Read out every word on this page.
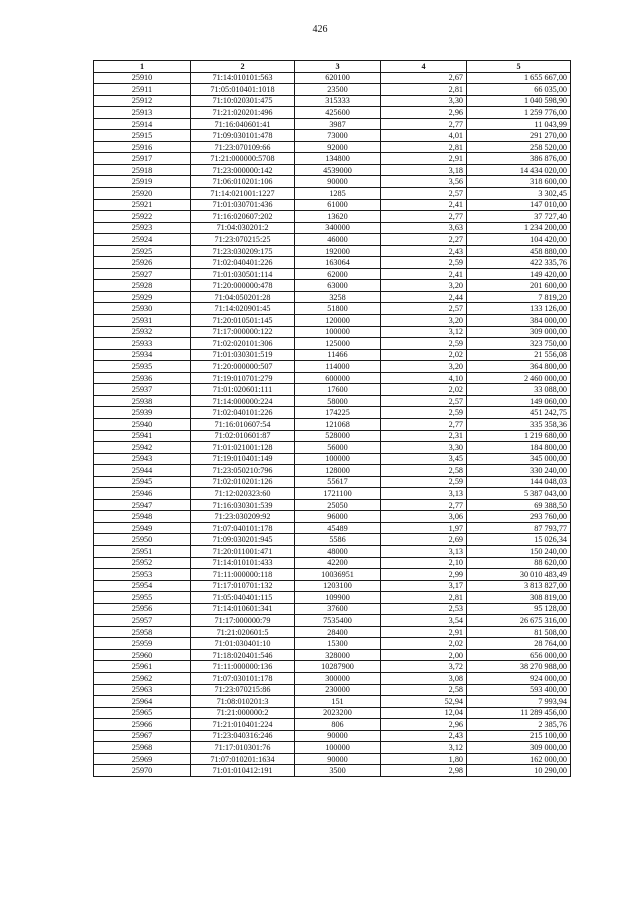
426
1	2	3	4	5
25910	71:14:010101:563	620100	2,67	1 655 667,00
25911	71:05:010401:1018	23500	2,81	66 035,00
25912	71:10:020301:475	315333	3,30	1 040 598,90
25913	71:21:020201:496	425600	2,96	1 259 776,00
25914	71:16:040601:41	3987	2,77	11 043,99
25915	71:09:030101:478	73000	4,01	291 270,00
25916	71:23:070109:66	92000	2,81	258 520,00
25917	71:21:000000:5708	134800	2,91	386 876,00
25918	71:23:000000:142	4539000	3,18	14 434 020,00
25919	71:06:010201:106	90000	3,56	318 600,00
25920	71:14:021001:1227	1285	2,57	3 302,45
25921	71:01:030701:436	61000	2,41	147 010,00
25922	71:16:020607:202	13620	2,77	37 727,40
25923	71:04:030201:2	340000	3,63	1 234 200,00
25924	71:23:070215:25	46000	2,27	104 420,00
25925	71:23:030209:175	192000	2,43	458 880,00
25926	71:02:040401:226	163064	2,59	422 335,76
25927	71:01:030501:114	62000	2,41	149 420,00
25928	71:20:000000:478	63000	3,20	201 600,00
25929	71:04:050201:28	3258	2,44	7 819,20
25930	71:14:020901:45	51800	2,57	133 126,00
25931	71:20:010501:145	120000	3,20	384 000,00
25932	71:17:000000:122	100000	3,12	309 000,00
25933	71:02:020101:306	125000	2,59	323 750,00
25934	71:01:030301:519	11466	2,02	21 556,08
25935	71:20:000000:507	114000	3,20	364 800,00
25936	71:19:010701:279	600000	4,10	2 460 000,00
25937	71:01:020601:111	17600	2,02	33 088,00
25938	71:14:000000:224	58000	2,57	149 060,00
25939	71:02:040101:226	174225	2,59	451 242,75
25940	71:16:010607:54	121068	2,77	335 358,36
25941	71:02:010601:87	528000	2,31	1 219 680,00
25942	71:01:021001:128	56000	3,30	184 800,00
25943	71:19:010401:149	100000	3,45	345 000,00
25944	71:23:050210:796	128000	2,58	330 240,00
25945	71:02:010201:126	55617	2,59	144 048,03
25946	71:12:020323:60	1721100	3,13	5 387 043,00
25947	71:16:030301:539	25050	2,77	69 388,50
25948	71:23:030209:92	96000	3,06	293 760,00
25949	71:07:040101:178	45489	1,97	87 793,77
25950	71:09:030201:945	5586	2,69	15 026,34
25951	71:20:011001:471	48000	3,13	150 240,00
25952	71:14:010101:433	42200	2,10	88 620,00
25953	71:11:000000:118	10036951	2,99	30 010 483,49
25954	71:17:010701:132	1203100	3,17	3 813 827,00
25955	71:05:040401:115	109900	2,81	308 819,00
25956	71:14:010601:341	37600	2,53	95 128,00
25957	71:17:000000:79	7535400	3,54	26 675 316,00
25958	71:21:020601:5	28400	2,91	81 508,00
25959	71:01:030401:10	15300	2,02	28 764,00
25960	71:18:020401:546	328000	2,00	656 000,00
25961	71:11:000000:136	10287900	3,72	38 270 988,00
25962	71:07:030101:178	300000	3,08	924 000,00
25963	71:23:070215:86	230000	2,58	593 400,00
25964	71:08:010201:3	151	52,94	7 993,94
25965	71:21:000000:2	2023200	12,04	11 289 456,00
25966	71:21:010401:224	806	2,96	2 385,76
25967	71:23:040316:246	90000	2,43	215 100,00
25968	71:17:010301:76	100000	3,12	309 000,00
25969	71:07:010201:1634	90000	1,80	162 000,00
25970	71:01:010412:191	3500	2,98	10 290,00
